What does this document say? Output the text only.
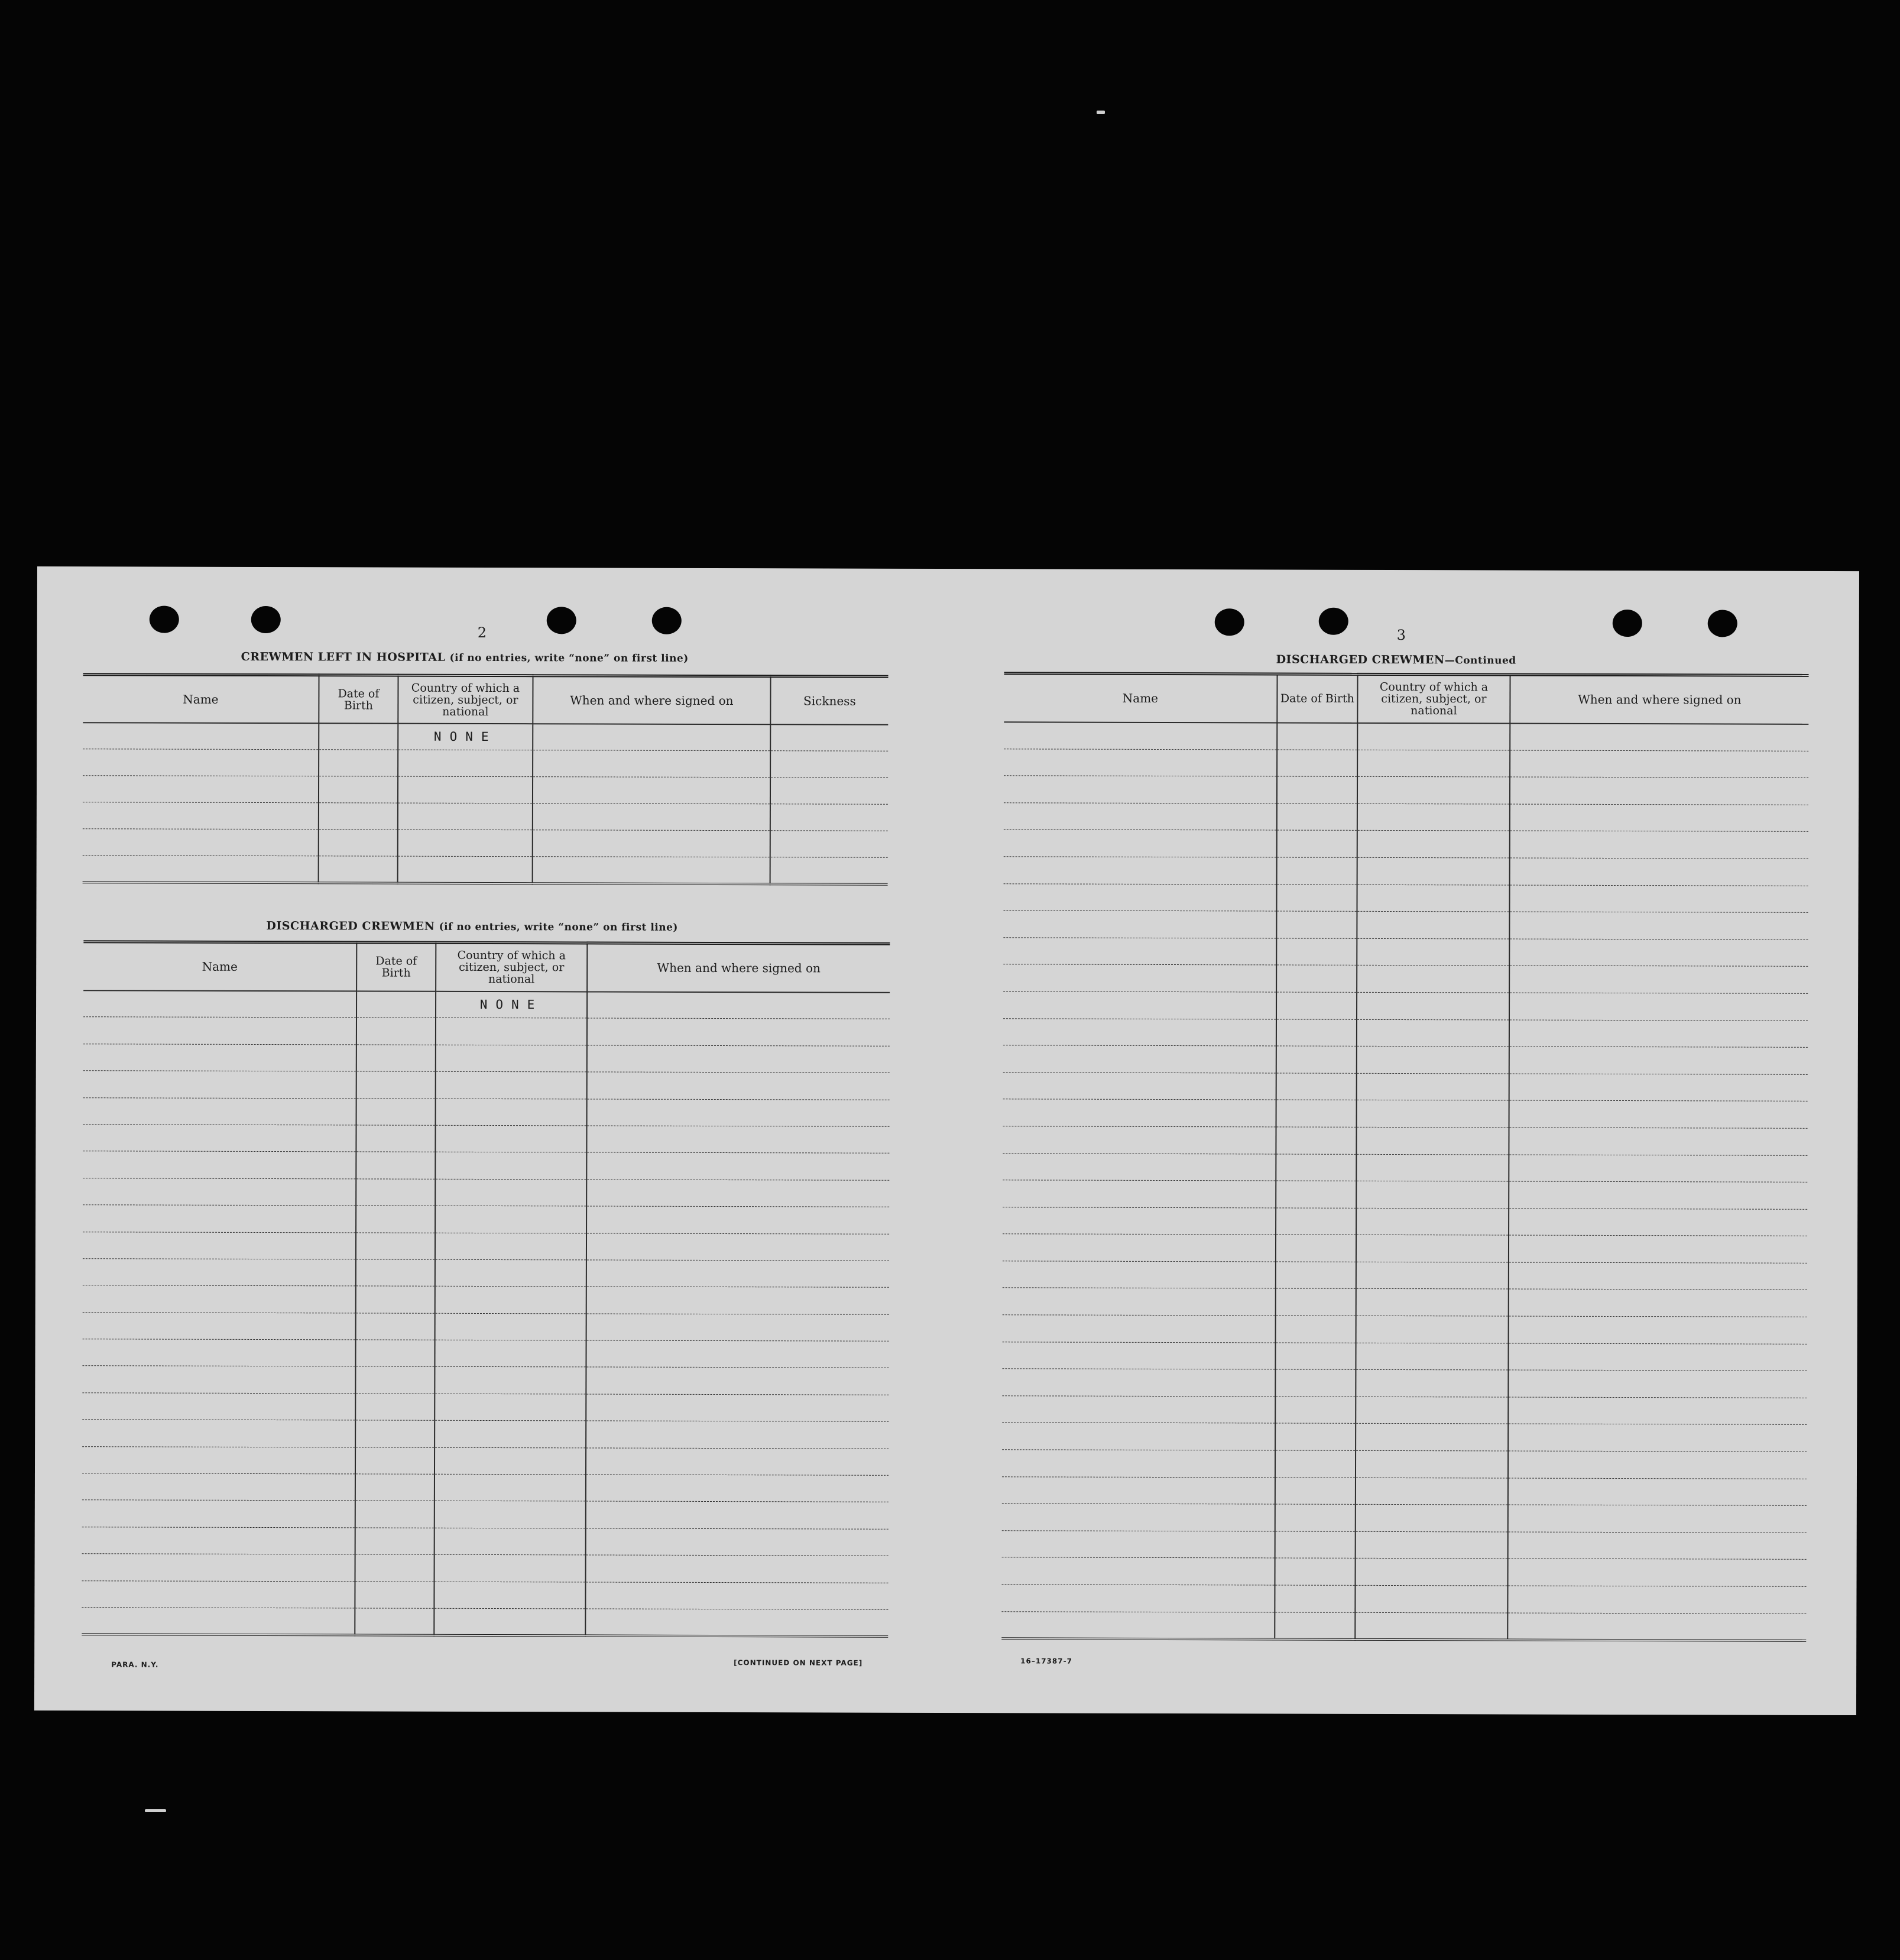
2
CREWMEN LEFT IN HOSPITAL (if no entries, write “none” on first line)
Name	Date of Birth	Country of which a citizen, subject, or national	When and where signed on	Sickness
		NONE		

DISCHARGED CREWMEN (if no entries, write “none” on first line)
Name	Date of Birth	Country of which a citizen, subject, or national	When and where signed on
		NONE	

PARA. N.Y.	[CONTINUED ON NEXT PAGE]
3
DISCHARGED CREWMEN—Continued
Name	Date of Birth	Country of which a citizen, subject, or national	When and where signed on

16–17387-7
